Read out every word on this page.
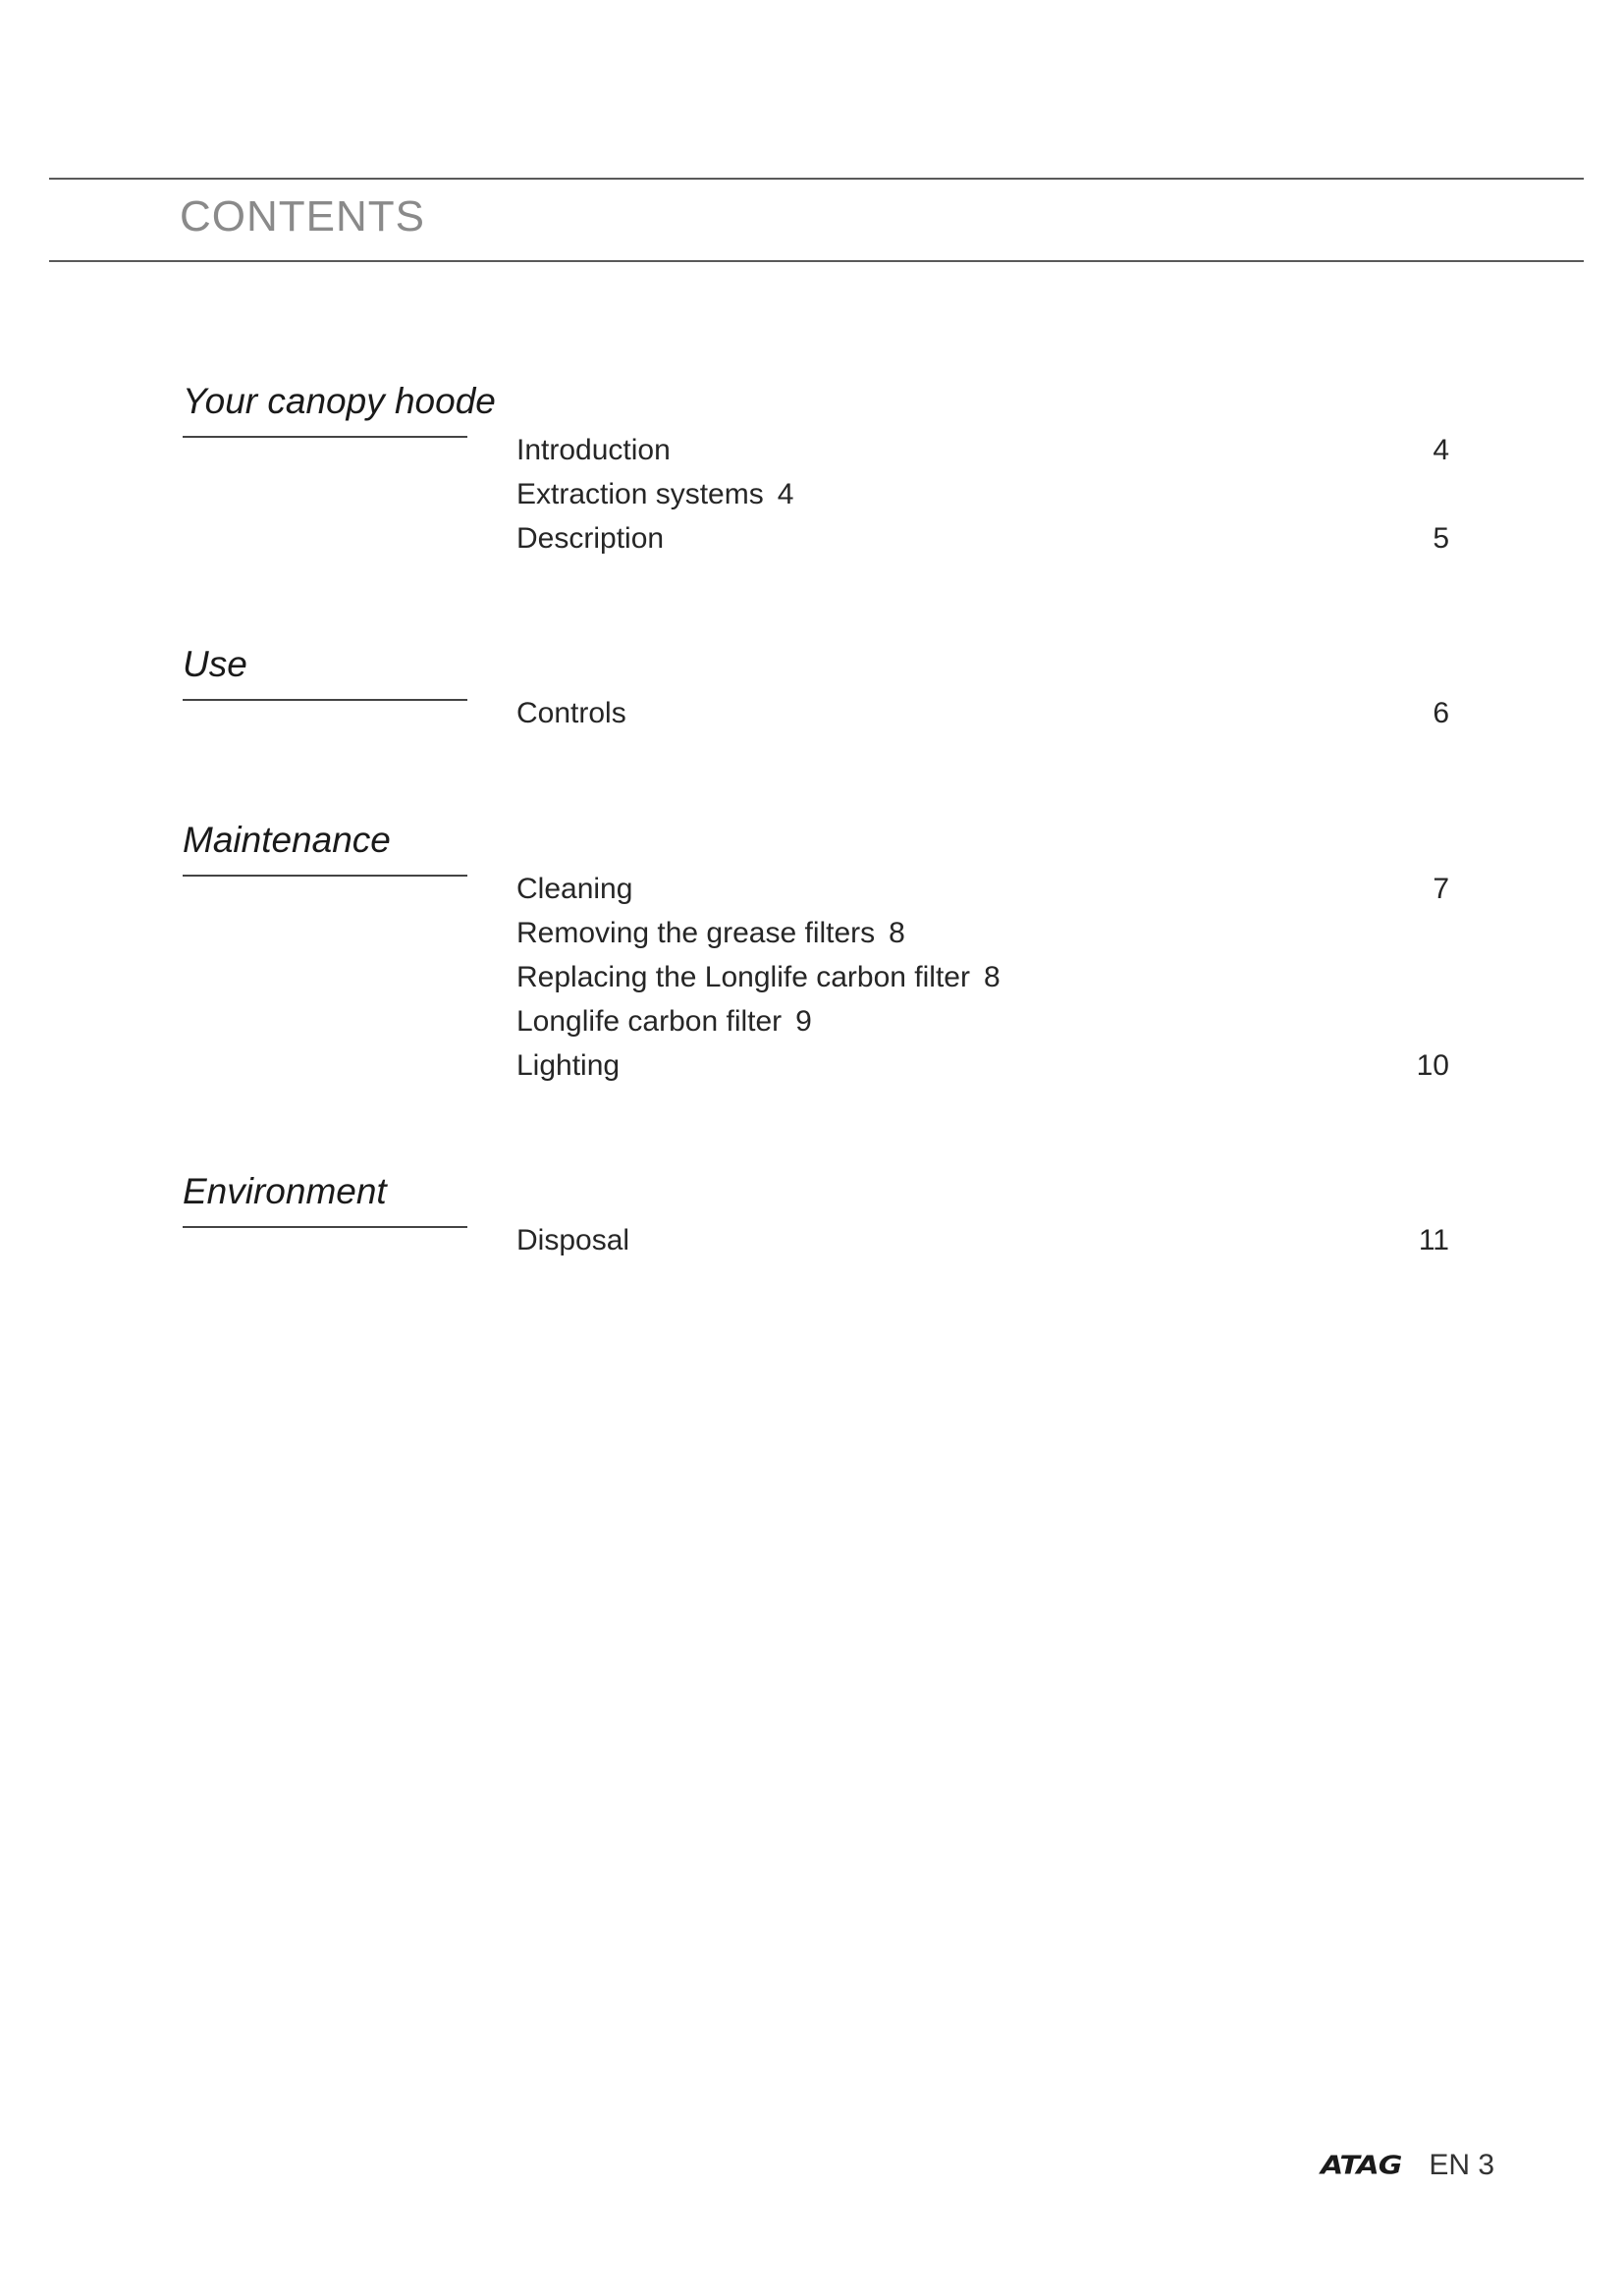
CONTENTS
Your canopy hoode
Introduction	4
Extraction systems 4
Description	5
Use
Controls	6
Maintenance
Cleaning	7
Removing the grease filters 8
Replacing the Longlife carbon filter 8
Longlife carbon filter 9
Lighting	10
Environment
Disposal	11
ATAG EN 3
